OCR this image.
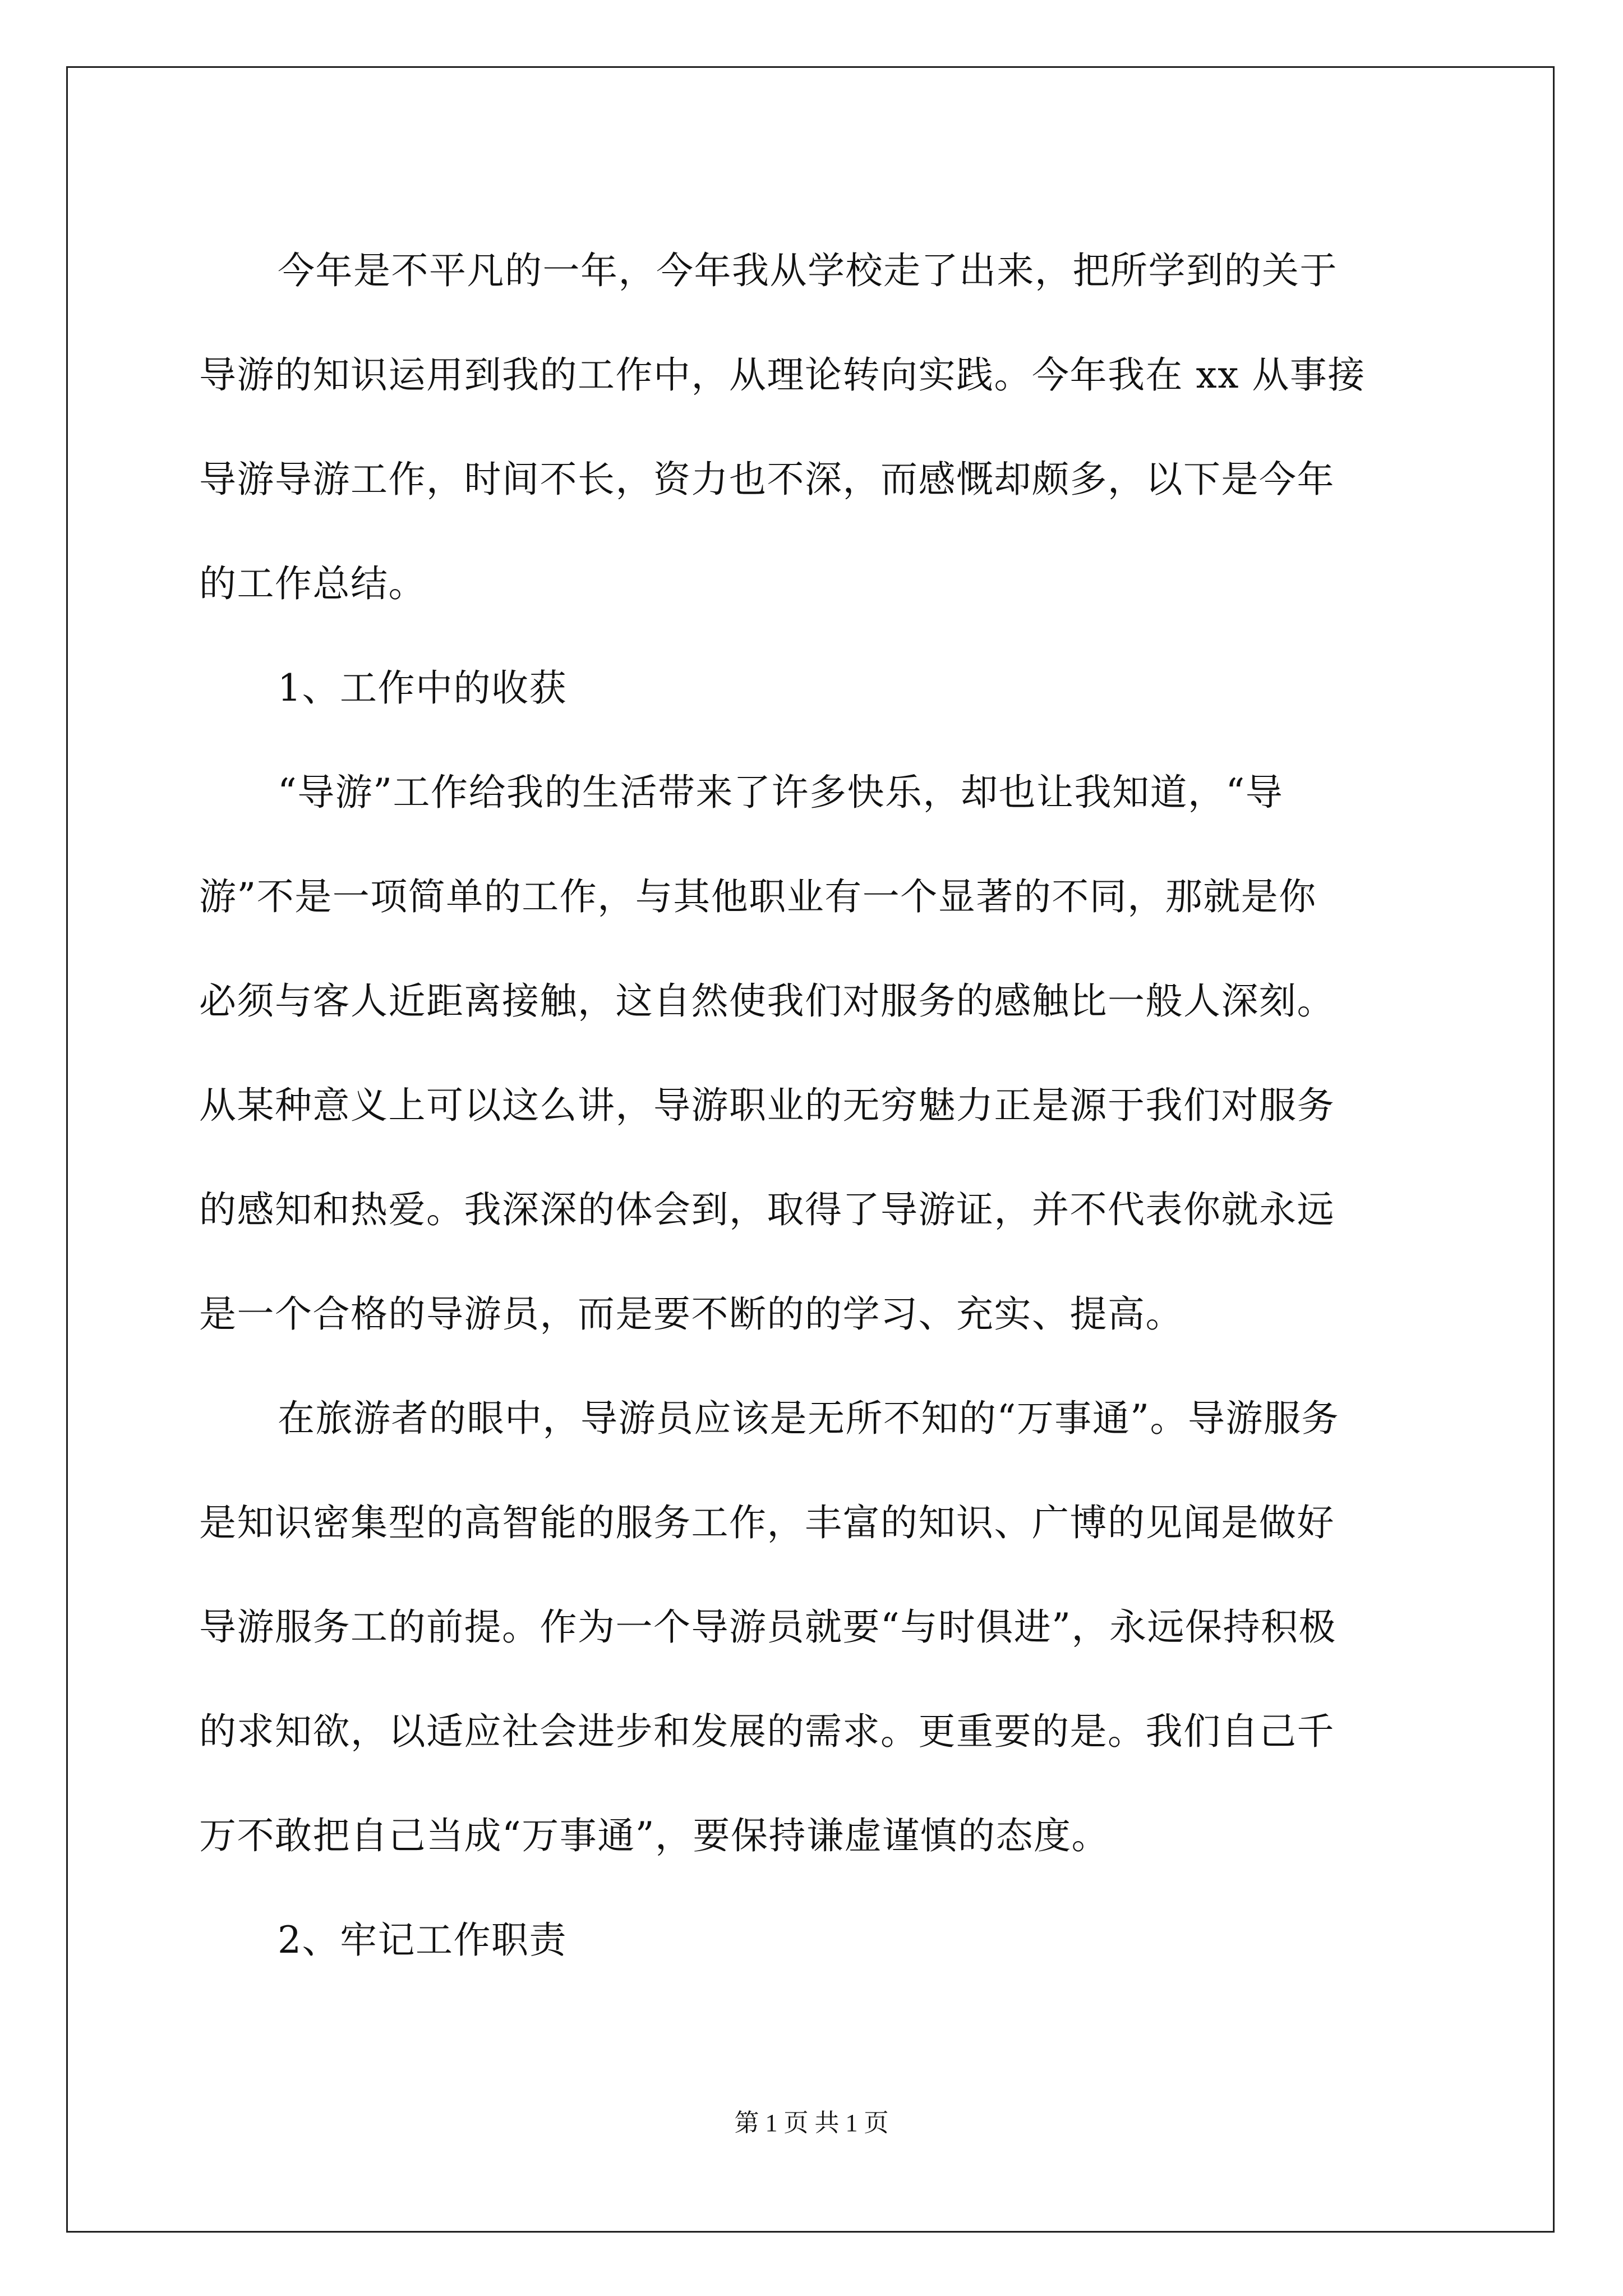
今年是不平凡的一年，今年我从学校走了出来，把所学到的关于
导游的知识运用到我的工作中，从理论转向实践。今年我在 xx 从事接
导游导游工作，时间不长，资力也不深，而感慨却颇多，以下是今年
的工作总结。
1、工作中的收获
“导游”工作给我的生活带来了许多快乐，却也让我知道，“导
游”不是一项简单的工作，与其他职业有一个显著的不同，那就是你
必须与客人近距离接触，这自然使我们对服务的感触比一般人深刻。
从某种意义上可以这么讲，导游职业的无穷魅力正是源于我们对服务
的感知和热爱。我深深的体会到，取得了导游证，并不代表你就永远
是一个合格的导游员，而是要不断的的学习、充实、提高。
在旅游者的眼中，导游员应该是无所不知的“万事通”。导游服务
是知识密集型的高智能的服务工作，丰富的知识、广博的见闻是做好
导游服务工的前提。作为一个导游员就要“与时俱进”，永远保持积极
的求知欲，以适应社会进步和发展的需求。更重要的是。我们自己千
万不敢把自己当成“万事通”，要保持谦虚谨慎的态度。
2、牢记工作职责
第 1 页 共 1 页
